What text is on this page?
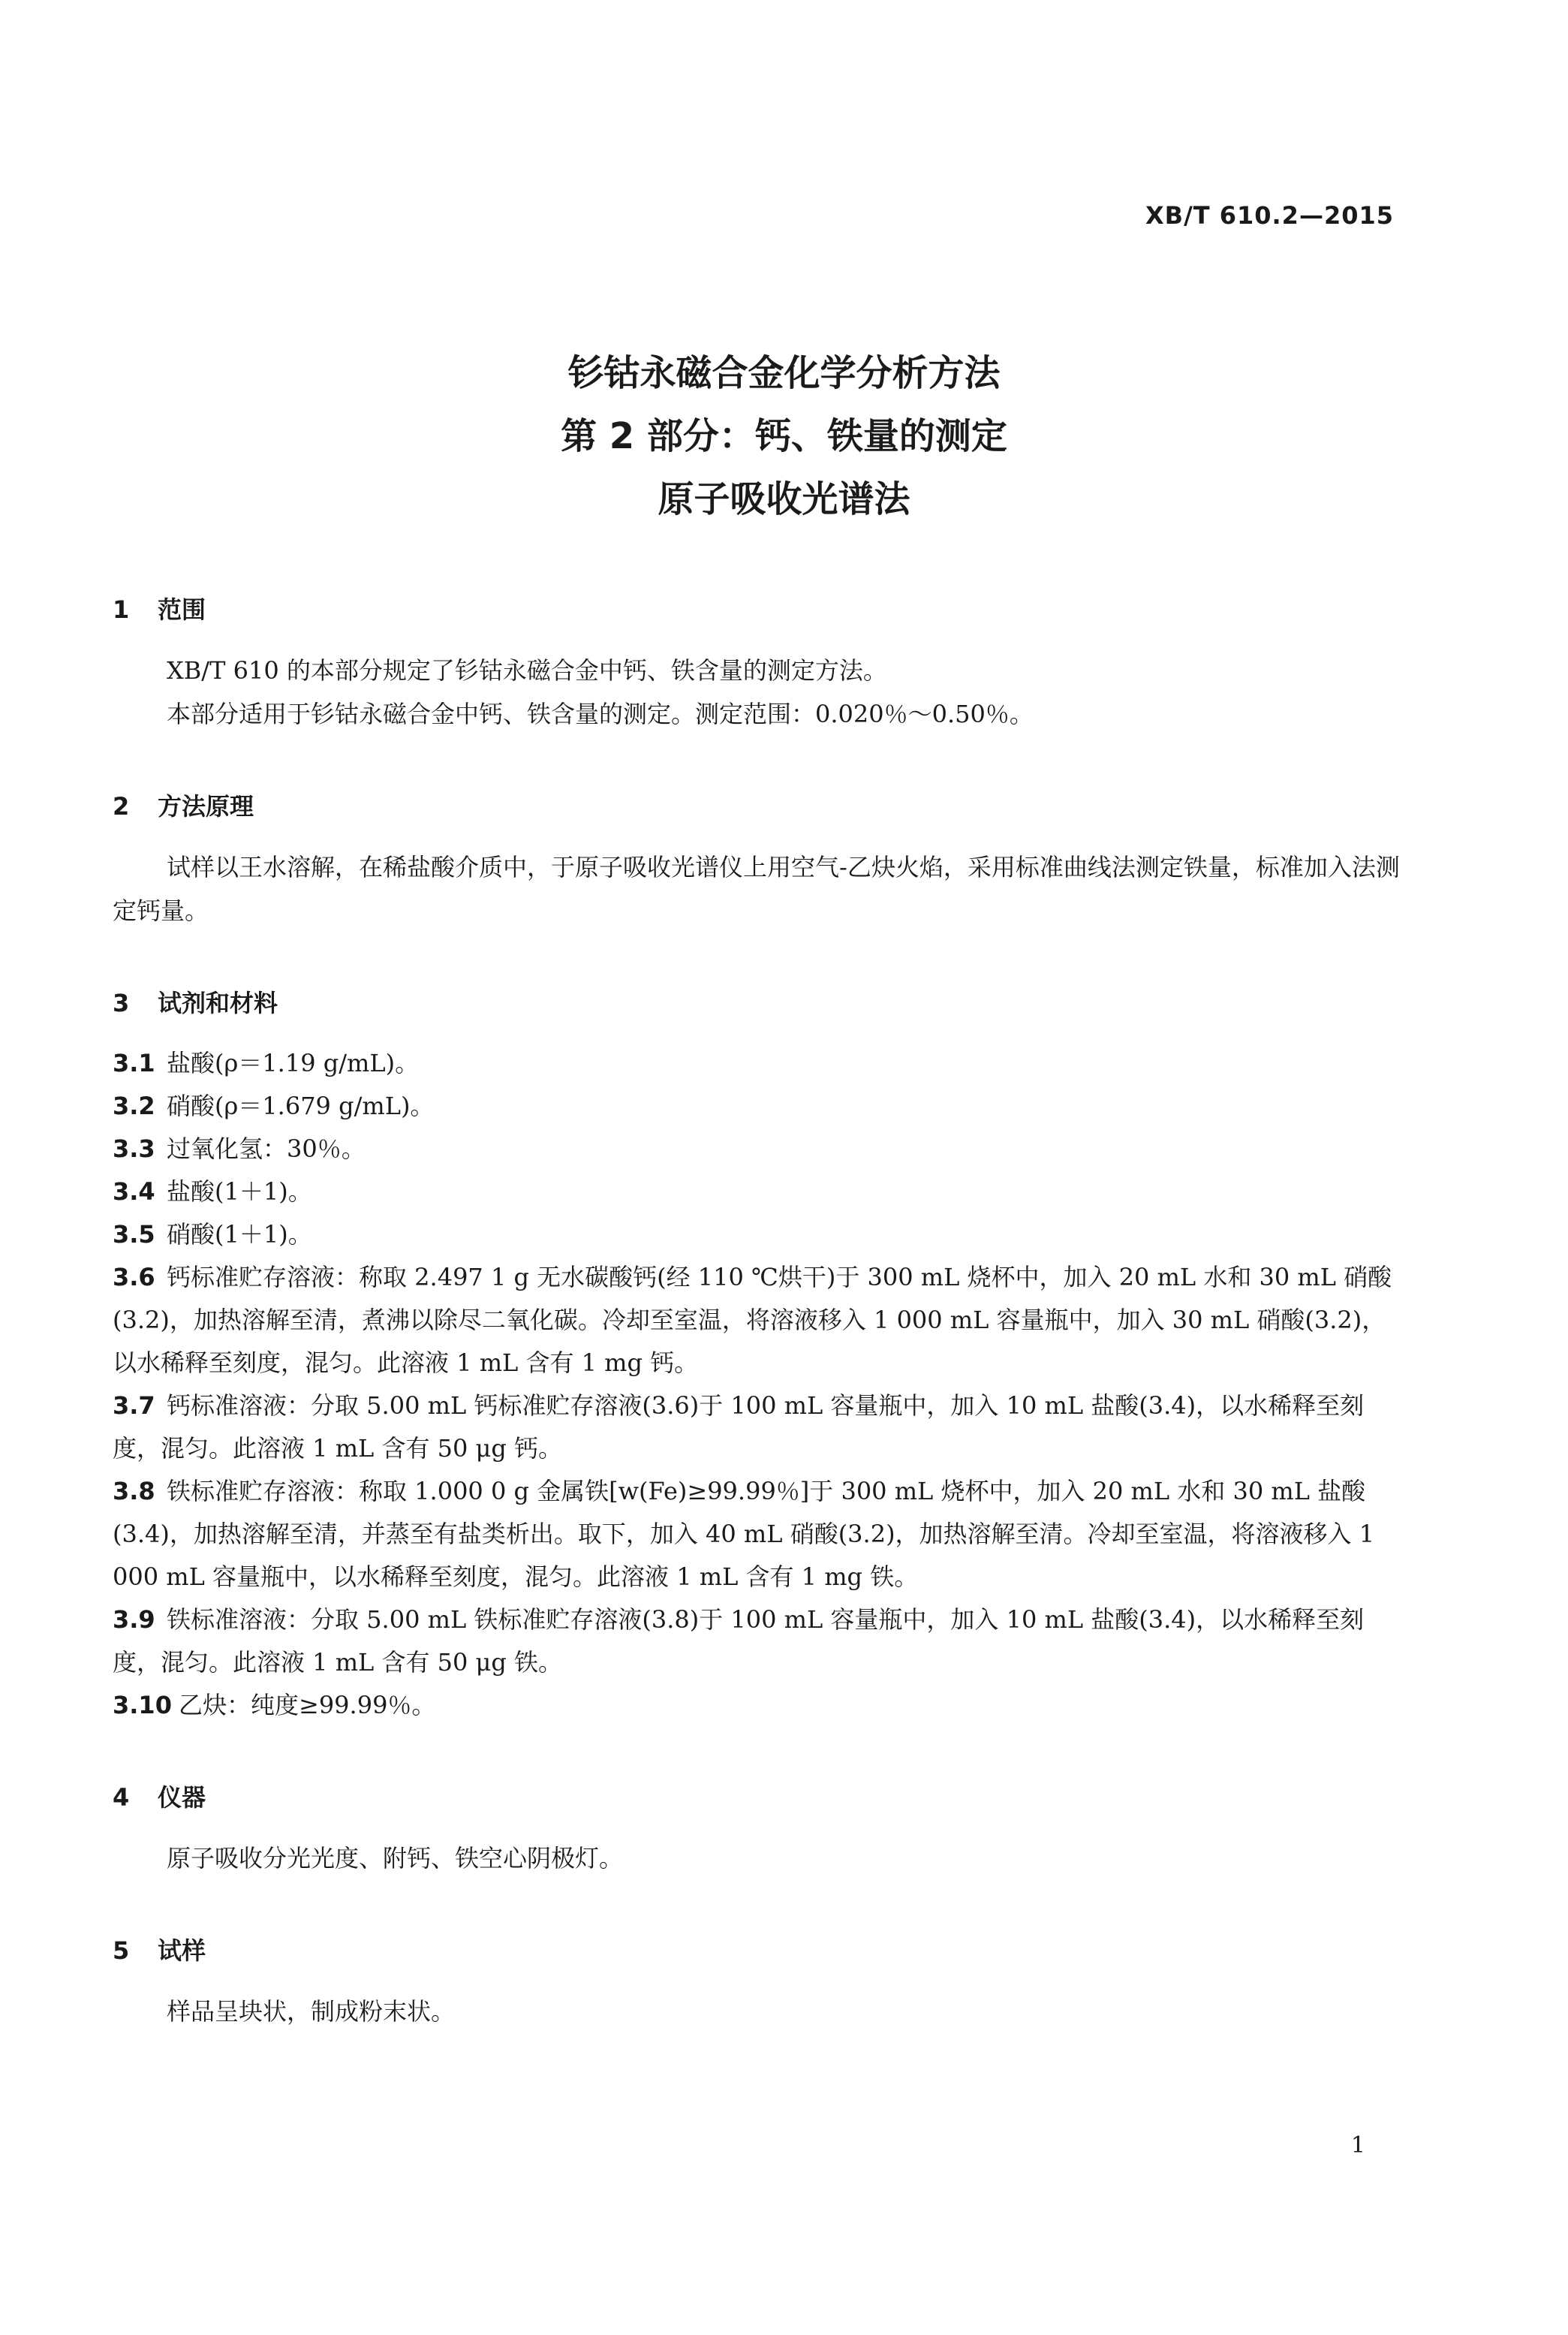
XB/T 610.2—2015
钐钴永磁合金化学分析方法
第 2 部分：钙、铁量的测定
原子吸收光谱法
1 范围

XB/T 610 的本部分规定了钐钴永磁合金中钙、铁含量的测定方法。

本部分适用于钐钴永磁合金中钙、铁含量的测定。测定范围：0.020％～0.50％。

2 方法原理

试样以王水溶解，在稀盐酸介质中，于原子吸收光谱仪上用空气-乙炔火焰，采用标准曲线法测定铁量，标准加入法测定钙量。

3 试剂和材料

3.1 盐酸(ρ＝1.19 g/mL)。

3.2 硝酸(ρ＝1.679 g/mL)。

3.3 过氧化氢：30％。

3.4 盐酸(1＋1)。

3.5 硝酸(1＋1)。

3.6 钙标准贮存溶液：称取 2.497 1 g 无水碳酸钙(经 110 ℃烘干)于 300 mL 烧杯中，加入 20 mL 水和 30 mL 硝酸(3.2)，加热溶解至清，煮沸以除尽二氧化碳。冷却至室温，将溶液移入 1 000 mL 容量瓶中，加入 30 mL 硝酸(3.2)，以水稀释至刻度，混匀。此溶液 1 mL 含有 1 mg 钙。

3.7 钙标准溶液：分取 5.00 mL 钙标准贮存溶液(3.6)于 100 mL 容量瓶中，加入 10 mL 盐酸(3.4)，以水稀释至刻度，混匀。此溶液 1 mL 含有 50 μg 钙。

3.8 铁标准贮存溶液：称取 1.000 0 g 金属铁[w(Fe)≥99.99％]于 300 mL 烧杯中，加入 20 mL 水和 30 mL 盐酸(3.4)，加热溶解至清，并蒸至有盐类析出。取下，加入 40 mL 硝酸(3.2)，加热溶解至清。冷却至室温，将溶液移入 1 000 mL 容量瓶中，以水稀释至刻度，混匀。此溶液 1 mL 含有 1 mg 铁。

3.9 铁标准溶液：分取 5.00 mL 铁标准贮存溶液(3.8)于 100 mL 容量瓶中，加入 10 mL 盐酸(3.4)，以水稀释至刻度，混匀。此溶液 1 mL 含有 50 μg 铁。

3.10 乙炔：纯度≥99.99％。

4 仪器

原子吸收分光光度、附钙、铁空心阴极灯。

5 试样

样品呈块状，制成粉末状。

1
